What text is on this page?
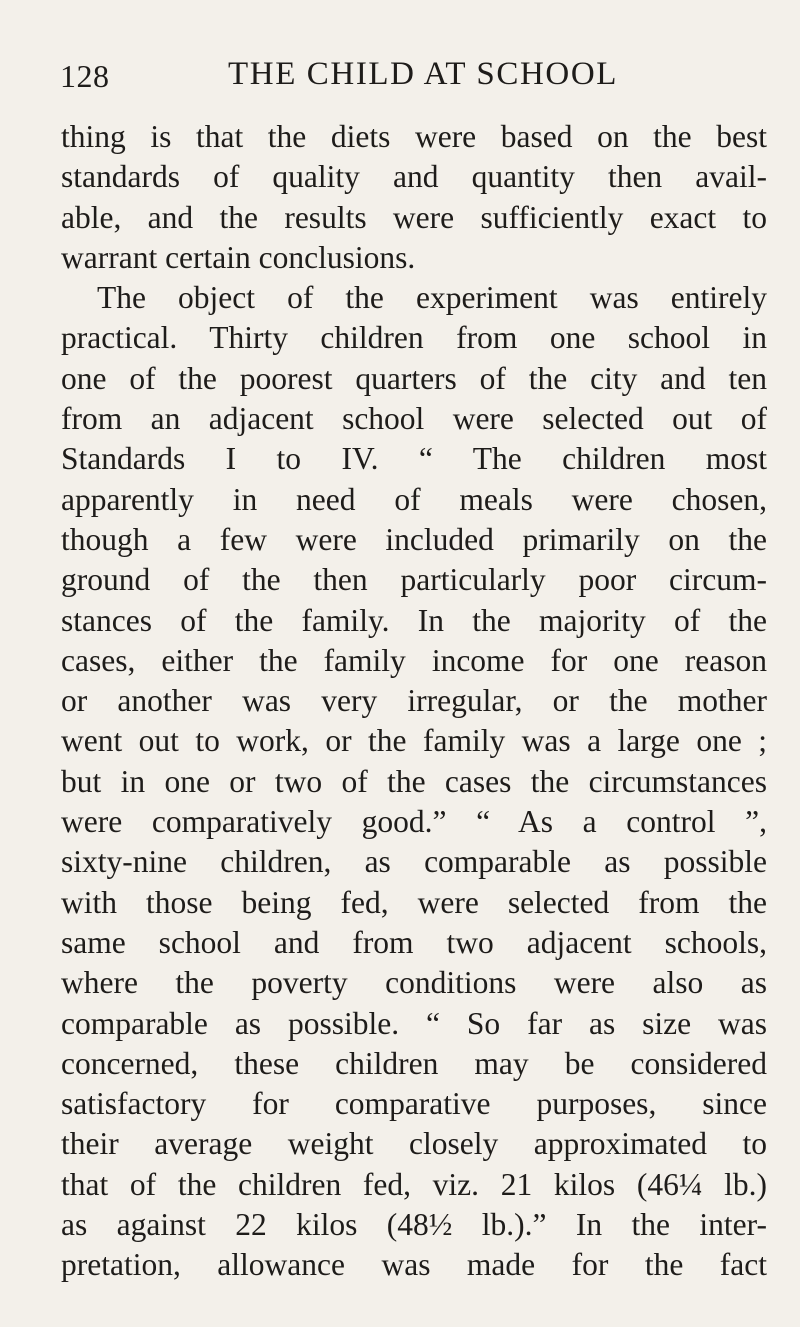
128	THE CHILD AT SCHOOL
thing is that the diets were based on the best
standards of quality and quantity then avail-
able, and the results were sufficiently exact to
warrant certain conclusions.
The object of the experiment was entirely
practical. Thirty children from one school in
one of the poorest quarters of the city and ten
from an adjacent school were selected out of
Standards I to IV. “ The children most
apparently in need of meals were chosen,
though a few were included primarily on the
ground of the then particularly poor circum-
stances of the family. In the majority of the
cases, either the family income for one reason
or another was very irregular, or the mother
went out to work, or the family was a large one ;
but in one or two of the cases the circumstances
were comparatively good.” “ As a control ”,
sixty-nine children, as comparable as possible
with those being fed, were selected from the
same school and from two adjacent schools,
where the poverty conditions were also as
comparable as possible. “ So far as size was
concerned, these children may be considered
satisfactory for comparative purposes, since
their average weight closely approximated to
that of the children fed, viz. 21 kilos (46¼ lb.)
as against 22 kilos (48½ lb.).” In the inter-
pretation, allowance was made for the fact
